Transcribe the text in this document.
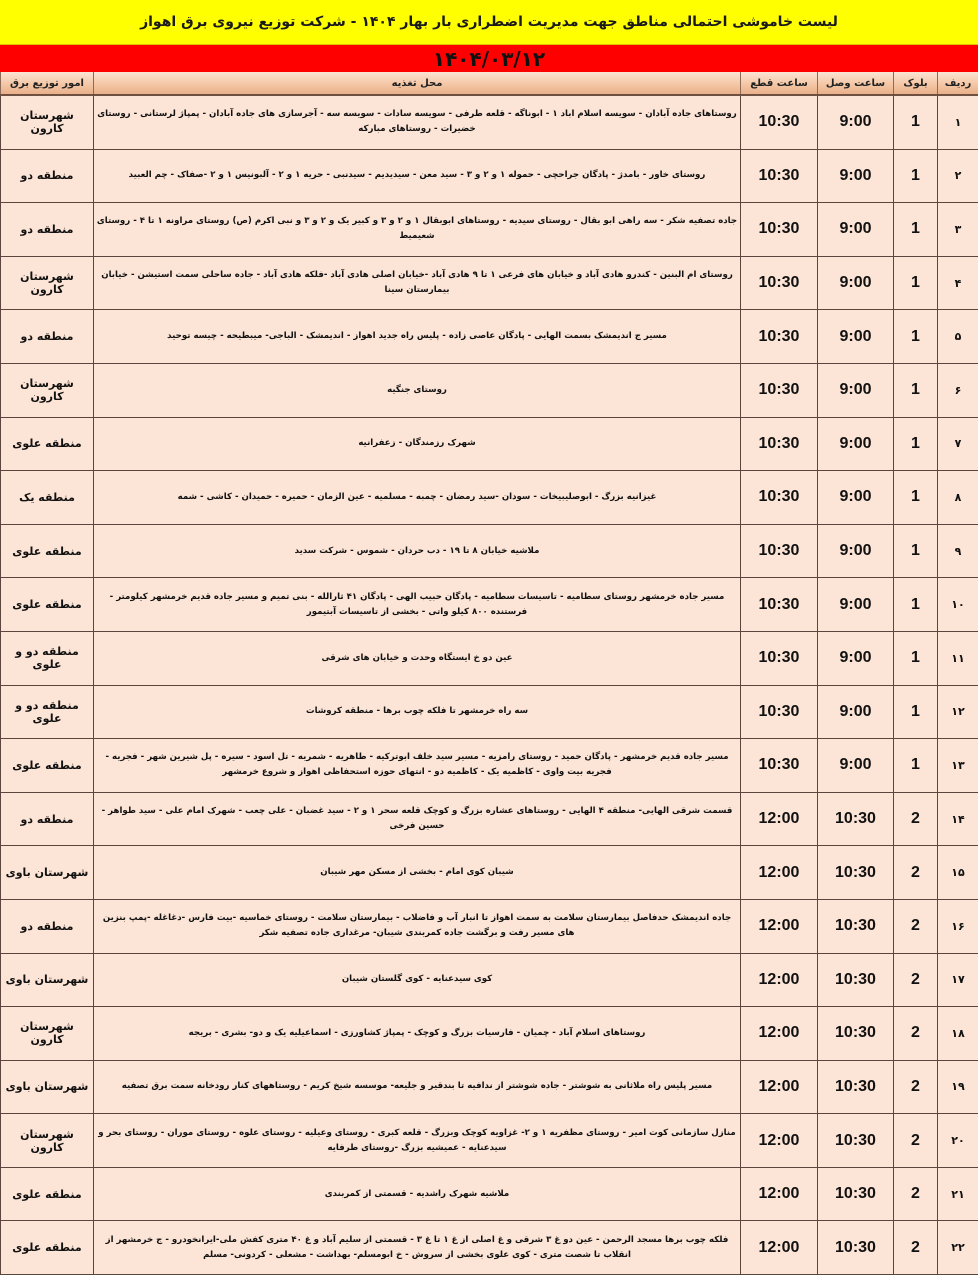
لیست خاموشی احتمالی مناطق جهت مدیریت اضطراری بار بهار ۱۴۰۴ - شرکت توزیع نیروی برق اهواز
۱۴۰۴/۰۳/۱۲
ردیف	بلوک	ساعت وصل	ساعت قطع	محل تغذیه	امور توزیع برق
۱	1	9:00	10:30	روستاهای جاده آبادان - سویسه اسلام اباد ۱ - ابوناگه - قلعه طرفی - سویسه سادات - سویسه سه - آجرسازی های جاده آبادان - پمپاژ لرستانی - روستای خضیرات - روستاهای مبارکه	شهرستان کارون
۲	1	9:00	10:30	روستای خاور - بامدژ - پادگان جراحچی - حموله ۱ و ۲ و ۳ - سید معن - سیدیدیم - سیدنبی - حریه ۱ و ۲ - آلبونیس ۱ و ۲ -صفاک - چم العبید	منطقه دو
۳	1	9:00	10:30	جاده تصفیه شکر - سه راهی ابو بقال - روستای سیدیه - روستاهای ابوبقال ۱ و ۲ و ۳ و کبیر یک و ۲ و ۳ و نبی اکرم (ص) روستای مراونه ۱ تا ۴ - روستای شعیمیط	منطقه دو
۴	1	9:00	10:30	روستای ام البنین - کندرو هادی آباد و خیابان های فرعی ۱ تا ۹ هادی آباد -خیابان اصلی هادی آباد -فلکه هادی آباد - جاده ساحلی سمت استیشن - خیابان بیمارستان سینا	شهرستان کارون
۵	1	9:00	10:30	مسیر ج اندیمشک بسمت الهایی - پادگان عاصی زاده - پلیس راه جدید اهواز - اندیمشک - الباجی- میبطیحه - چیسه توحید	منطقه دو
۶	1	9:00	10:30	روستای جنگیه	شهرستان کارون
۷	1	9:00	10:30	شهرک رزمندگان - زعفرانیه	منطقه علوی
۸	1	9:00	10:30	غیزانیه بزرگ - ابوصلیبیخات - سودان -سید رمضان - چمبه - مسلمیه - عین الزمان - حمیره - حمیدان - کاشی - شمه	منطقه یک
۹	1	9:00	10:30	ملاشیه خیابان ۸ تا ۱۹ - دب حردان - شموس - شرکت سدید	منطقه علوی
۱۰	1	9:00	10:30	مسیر جاده خرمشهر روستای سطامیه - تاسیسات سطامیه - پادگان حبیب الهی - پادگان ۴۱ ثارالله - بنی تمیم و مسیر جاده قدیم خرمشهر کیلومتر - فرستنده ۸۰۰ کیلو واتی - بخشی از تاسیسات آبتیمور	منطقه علوی
۱۱	1	9:00	10:30	عین دو خ ایستگاه وحدت و خیابان های شرقی	منطقه دو و علوی
۱۲	1	9:00	10:30	سه راه خرمشهر تا فلکه چوب برها - منطقه کروشات	منطقه دو و علوی
۱۳	1	9:00	10:30	مسیر جاده قدیم خرمشهر - پادگان حمید - روستای رامزیه - مسیر سید خلف ابوترکیه - طاهریه - شمریه - تل اسود - سیره - پل شیرین شهر - فجریه - فجریه بیت واوی - کاظمیه یک - کاظمیه دو - انتهای حوزه استحفاظی اهواز و شروع خرمشهر	منطقه علوی
۱۴	2	10:30	12:00	قسمت شرقی الهایی- منطقه ۴ الهایی - روستاهای عشاره بزرگ و کوچک قلعه سحر ۱ و ۲ - سید غضبان - علی چعب - شهرک امام علی - سید طواهر - حسین فرخی	منطقه دو
۱۵	2	10:30	12:00	شیبان کوی امام - بخشی از مسکن مهر شیبان	شهرستان باوی
۱۶	2	10:30	12:00	جاده اندیمشک حدفاصل بیمارستان سلامت به سمت اهواز تا انبار آب و فاضلاب - بیمارستان سلامت - روستای خماسیه -بیت فارس -دغاغله -پمپ بنزین های مسیر رفت و برگشت جاده کمربندی شیبان- مرغداری جاده تصفیه شکر	منطقه دو
۱۷	2	10:30	12:00	کوی سیدعنایه - کوی گلستان شیبان	شهرستان باوی
۱۸	2	10:30	12:00	روستاهای اسلام آباد - چمیان - فارسیات بزرگ و کوچک - پمپاژ کشاورزی - اسماعیلیه یک و دو- بشری - بریجه	شهرستان کارون
۱۹	2	10:30	12:00	مسیر پلیس راه ملاثانی به شوشتر - جاده شوشتر از ندافیه تا بندقیر و جلیعه- موسسه شیخ کریم - روستاههای کنار رودخانه سمت برق تصفیه	شهرستان باوی
۲۰	2	10:30	12:00	منازل سازمانی کوت امیر - روستای مظفریه ۱ و ۲- غزاویه کوچک وبزرگ - قلعه کبری - روستای وعیلیه - روستای علوه - روستای موران - روستای بحر و سیدعنایه - عمیشیه بزرگ -روستای طرفایه	شهرستان کارون
۲۱	2	10:30	12:00	ملاشیه شهرک راشدیه - قسمتی از کمربندی	منطقه علوی
۲۲	2	10:30	12:00	فلکه چوب برها مسجد الرحمن - عین دو غ ۳ شرقی و غ اصلی از غ ۱ تا غ ۳ - قسمتی از سلیم آباد و غ ۴۰ متری کفش ملی-ایرانخودرو - ج خرمشهر از انقلاب تا شصت متری - کوی علوی بخشی از سروش - خ ابومسلم- بهداشت - مشعلی - کردونی- مسلم	منطقه علوی
